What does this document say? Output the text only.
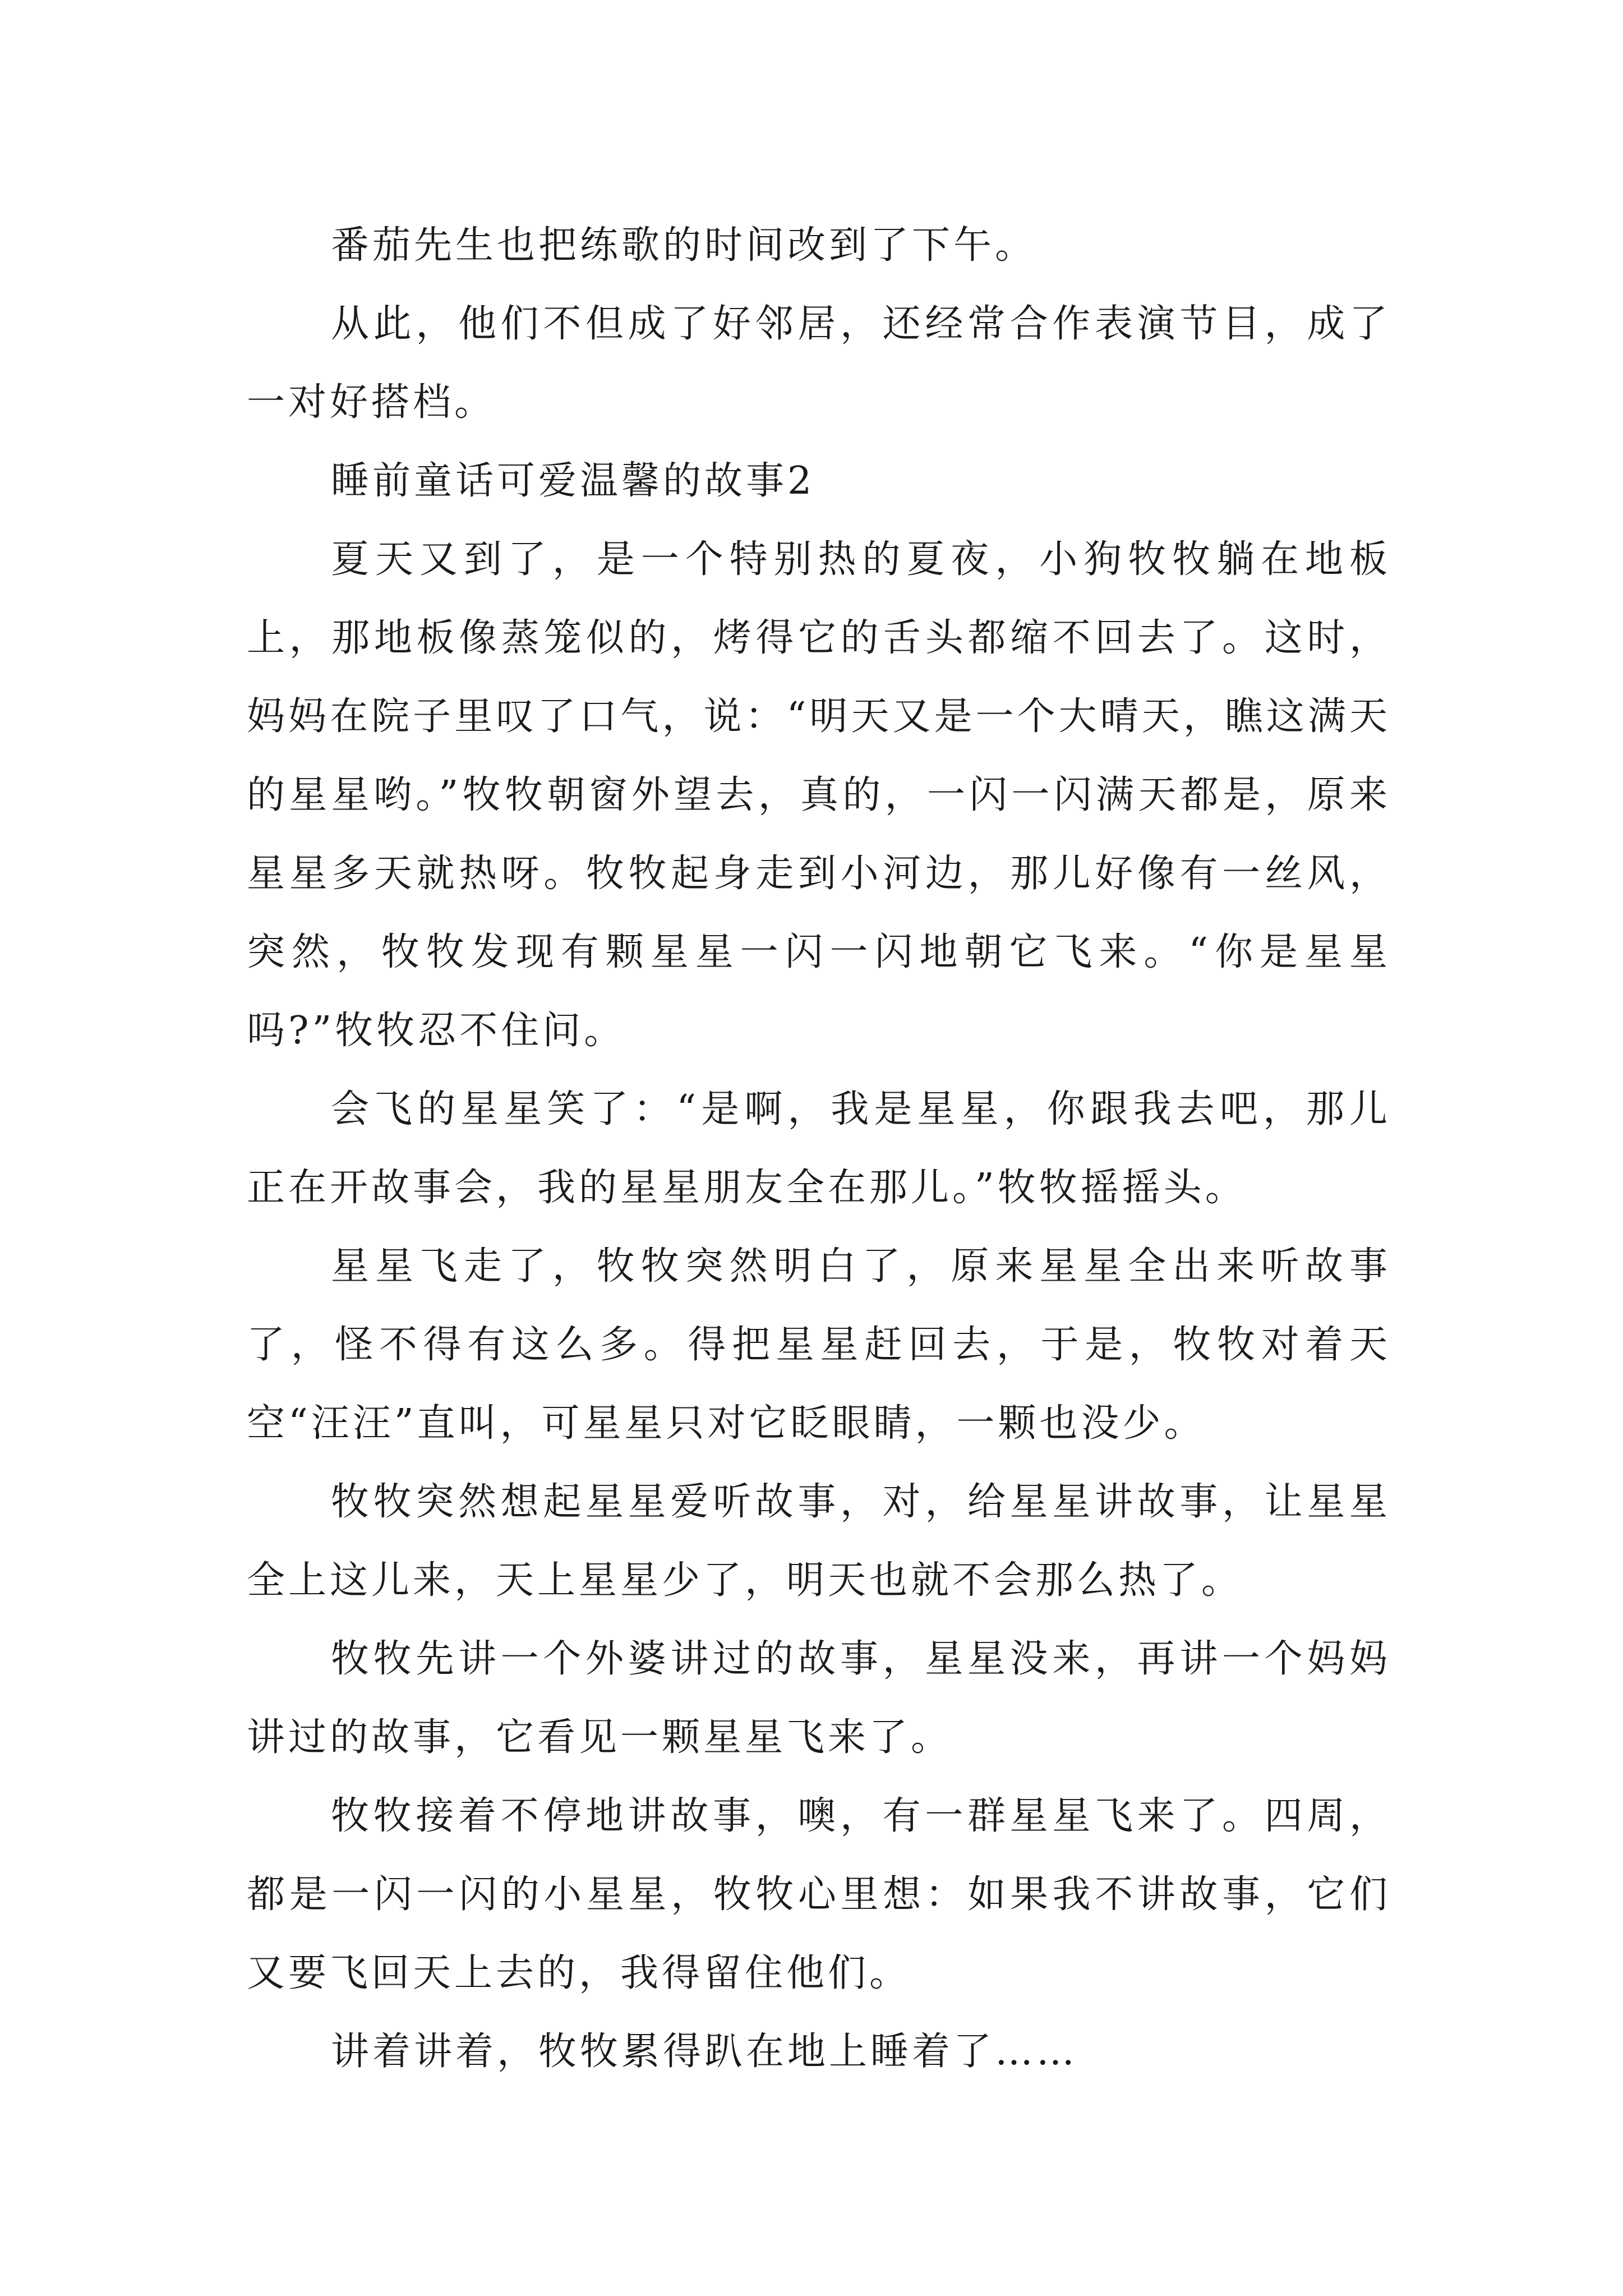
番茄先生也把练歌的时间改到了下午。

从此，他们不但成了好邻居，还经常合作表演节目，成了一对好搭档。

睡前童话可爱温馨的故事2

夏天又到了，是一个特别热的夏夜，小狗牧牧躺在地板上，那地板像蒸笼似的，烤得它的舌头都缩不回去了。这时，妈妈在院子里叹了口气，说：“明天又是一个大晴天，瞧这满天的星星哟。”牧牧朝窗外望去，真的，一闪一闪满天都是，原来星星多天就热呀。牧牧起身走到小河边，那儿好像有一丝风，突然，牧牧发现有颗星星一闪一闪地朝它飞来。“你是星星吗?”牧牧忍不住问。

会飞的星星笑了：“是啊，我是星星，你跟我去吧，那儿正在开故事会，我的星星朋友全在那儿。”牧牧摇摇头。

星星飞走了，牧牧突然明白了，原来星星全出来听故事了，怪不得有这么多。得把星星赶回去，于是，牧牧对着天空“汪汪”直叫，可星星只对它眨眼睛，一颗也没少。

牧牧突然想起星星爱听故事，对，给星星讲故事，让星星全上这儿来，天上星星少了，明天也就不会那么热了。

牧牧先讲一个外婆讲过的故事，星星没来，再讲一个妈妈讲过的故事，它看见一颗星星飞来了。

牧牧接着不停地讲故事，噢，有一群星星飞来了。四周，都是一闪一闪的小星星，牧牧心里想：如果我不讲故事，它们又要飞回天上去的，我得留住他们。

讲着讲着，牧牧累得趴在地上睡着了……
